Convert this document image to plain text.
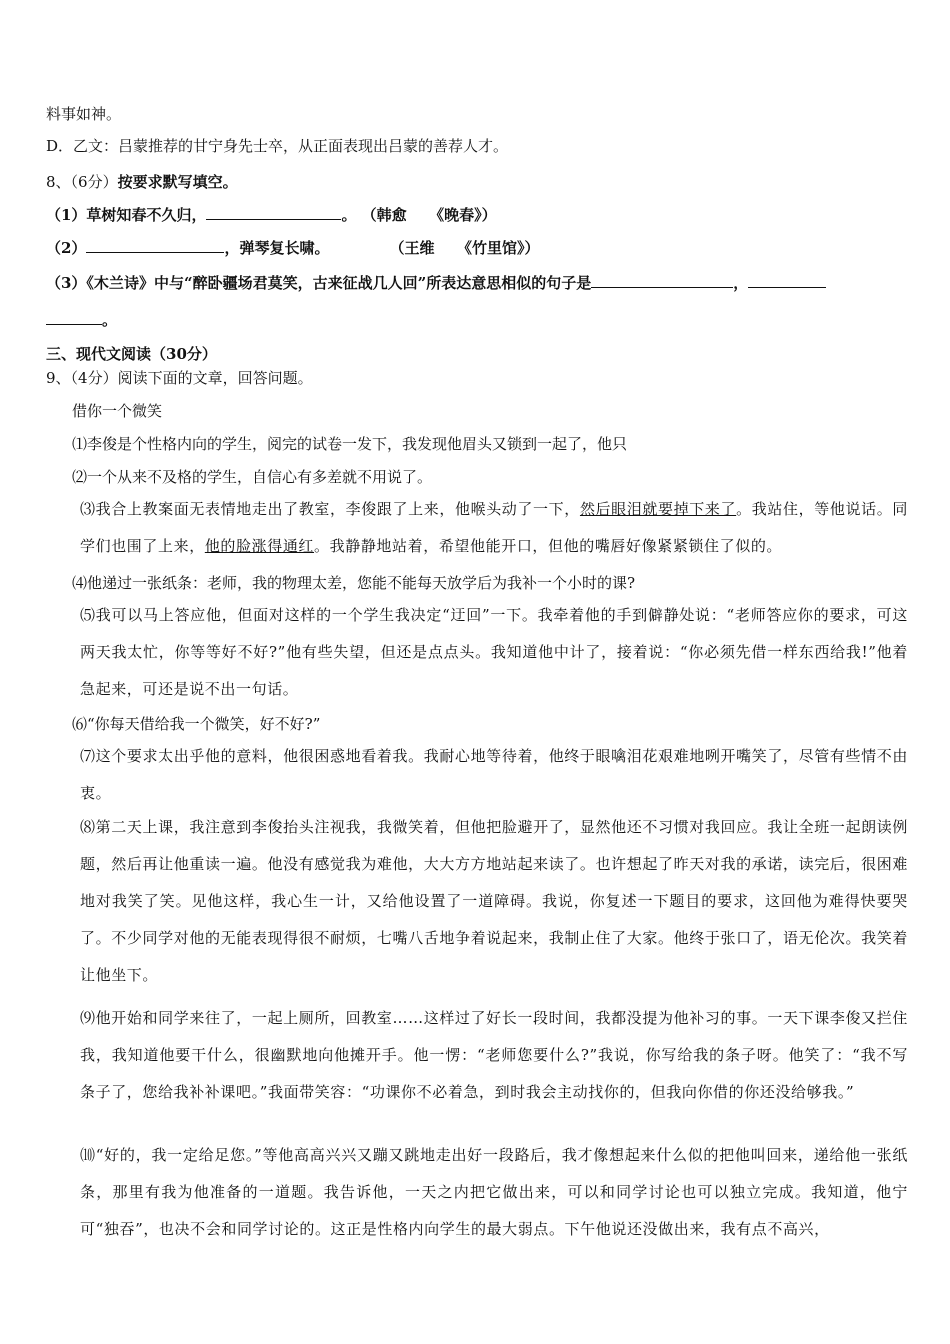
料事如神。
D．乙文：吕蒙推荐的甘宁身先士卒，从正面表现出吕蒙的善荐人才。
8、（6分）按要求默写填空。
（1）草树知春不久归，	。 （韩愈　　《晚春》）
（2）	，弹琴复长啸。　　　　　（王维　　《竹里馆》）
（3）《木兰诗》中与“醉卧疆场君莫笑，古来征战几人回”所表达意思相似的句子是	，
。
三、现代文阅读（30分）
9、（4分）阅读下面的文章，回答问题。
借你一个微笑
⑴李俊是个性格内向的学生，阅完的试卷一发下，我发现他眉头又锁到一起了，他只
⑵一个从来不及格的学生，自信心有多差就不用说了。
⑶我合上教案面无表情地走出了教室，李俊跟了上来，他喉头动了一下，然后眼泪就要掉下来了。我站住，等他说话。同学们也围了上来，他的脸涨得通红。我静静地站着，希望他能开口，但他的嘴唇好像紧紧锁住了似的。
⑷他递过一张纸条：老师，我的物理太差，您能不能每天放学后为我补一个小时的课?
⑸我可以马上答应他，但面对这样的一个学生我决定“迂回”一下。我牵着他的手到僻静处说：“老师答应你的要求，可这两天我太忙，你等等好不好?”他有些失望，但还是点点头。我知道他中计了，接着说：“你必须先借一样东西给我!”他着急起来，可还是说不出一句话。
⑹“你每天借给我一个微笑，好不好?”
⑺这个要求太出乎他的意料，他很困惑地看着我。我耐心地等待着，他终于眼噙泪花艰难地咧开嘴笑了，尽管有些情不由衷。
⑻第二天上课，我注意到李俊抬头注视我，我微笑着，但他把脸避开了，显然他还不习惯对我回应。我让全班一起朗读例题，然后再让他重读一遍。他没有感觉我为难他，大大方方地站起来读了。也许想起了昨天对我的承诺，读完后，很困难地对我笑了笑。见他这样，我心生一计，又给他设置了一道障碍。我说，你复述一下题目的要求，这回他为难得快要哭了。不少同学对他的无能表现得很不耐烦，七嘴八舌地争着说起来，我制止住了大家。他终于张口了，语无伦次。我笑着让他坐下。
⑼他开始和同学来往了，一起上厕所，回教室……这样过了好长一段时间，我都没提为他补习的事。一天下课李俊又拦住我，我知道他要干什么，很幽默地向他摊开手。他一愣：“老师您要什么?”我说，你写给我的条子呀。他笑了：“我不写条子了，您给我补补课吧。”我面带笑容：“功课你不必着急，到时我会主动找你的，但我向你借的你还没给够我。”
⑽“好的，我一定给足您。”等他高高兴兴又蹦又跳地走出好一段路后，我才像想起来什么似的把他叫回来，递给他一张纸条，那里有我为他准备的一道题。我告诉他，一天之内把它做出来，可以和同学讨论也可以独立完成。我知道，他宁可“独吞”，也决不会和同学讨论的。这正是性格内向学生的最大弱点。下午他说还没做出来，我有点不高兴，
